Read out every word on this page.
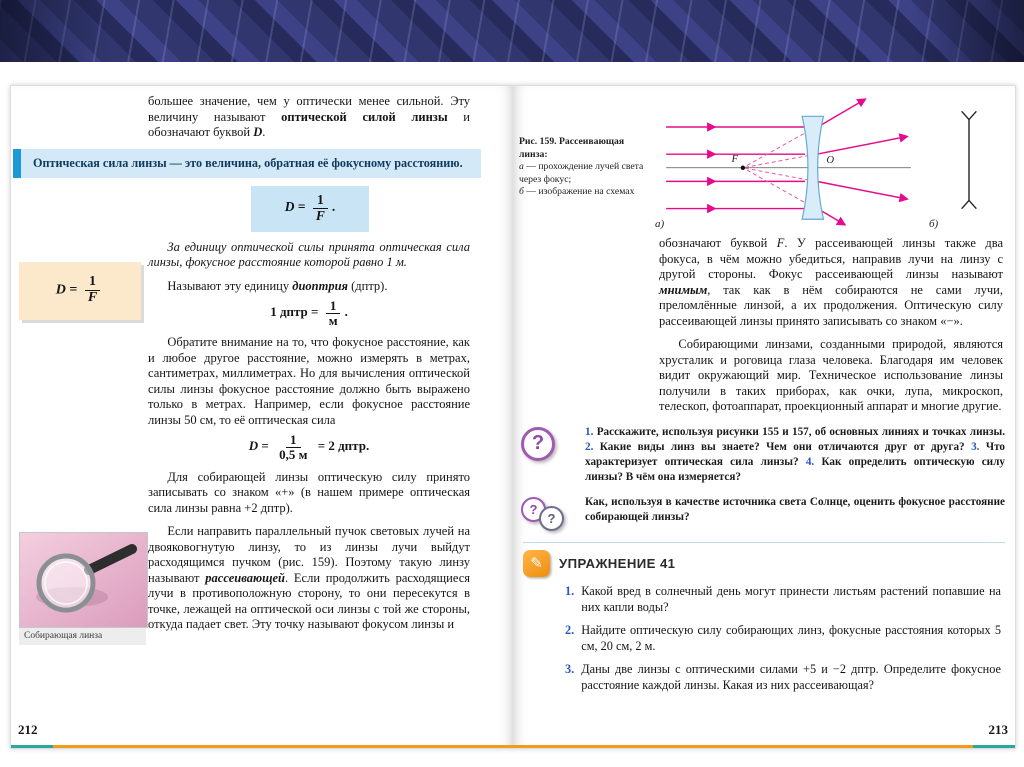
большее значение, чем у оптически менее сильной. Эту величину называют оптической силой линзы и обозначают буквой D.

Оптическая сила линзы — это величина, обратная её фокусному расстоянию.
$D = \frac{1}{F}$ .
$D = \frac{1}{F}$

За единицу оптической силы принята оптическая сила линзы, фокусное расстояние которой равно 1 м.

Называют эту единицу диоптрия (дптр).

1 дптр = $\frac{1}{м}$ .

Обратите внимание на то, что фокусное расстояние, как и любое другое расстояние, можно измерять в метрах, сантиметрах, миллиметрах. Но для вычисления оптической силы линзы фокусное расстояние должно быть выражено только в метрах. Например, если фокусное расстояние линзы 50 см, то её оптическая сила

$D = \frac{1}{0,5 м} = 2$ дптр.

Для собирающей линзы оптическую силу принято записывать со знаком «+» (в нашем примере оптическая сила линзы равна +2 дптр).

Если направить параллельный пучок световых лучей на двояковогнутую линзу, то из линзы лучи выйдут расходящимся пучком (рис. 159). Поэтому такую линзу называют рассеивающей. Если продолжить расходящиеся лучи в противоположную сторону, то они пересекутся в точке, лежащей на оптической оси линзы с той же стороны, откуда падает свет. Эту точку называют фокусом линзы и

Собирающая линза
212
Рис. 159. Рассеивающая линза:
а — прохождение лучей света через фокус;
б — изображение на схемах
F	O
а)	б)

обозначают буквой F. У рассеивающей линзы также два фокуса, в чём можно убедиться, направив лучи на линзу с другой стороны. Фокус рассеивающей линзы называют мнимым, так как в нём собираются не сами лучи, преломлённые линзой, а их продолжения. Оптическую силу рассеивающей линзы принято записывать со знаком «−».

Собирающими линзами, созданными природой, являются хрусталик и роговица глаза человека. Благодаря им человек видит окружающий мир. Техническое использование линзы получили в таких приборах, как очки, лупа, микроскоп, телескоп, фотоаппарат, проекционный аппарат и многие другие.

?
1. Расскажите, используя рисунки 155 и 157, об основных линиях и точках линзы. 2. Какие виды линз вы знаете? Чем они отличаются друг от друга? 3. Что характеризует оптическая сила линзы? 4. Как определить оптическую силу линзы? В чём она измеряется?
?
?
Как, используя в качестве источника света Солнце, оценить фокусное расстояние собирающей линзы?
✎ УПРАЖНЕНИЕ 41
1. Какой вред в солнечный день могут принести листьям растений попавшие на них капли воды?
2. Найдите оптическую силу собирающих линз, фокусные расстояния которых 5 см, 20 см, 2 м.
3. Даны две линзы с оптическими силами +5 и −2 дптр. Определите фокусное расстояние каждой линзы. Какая из них рассеивающая?
213
